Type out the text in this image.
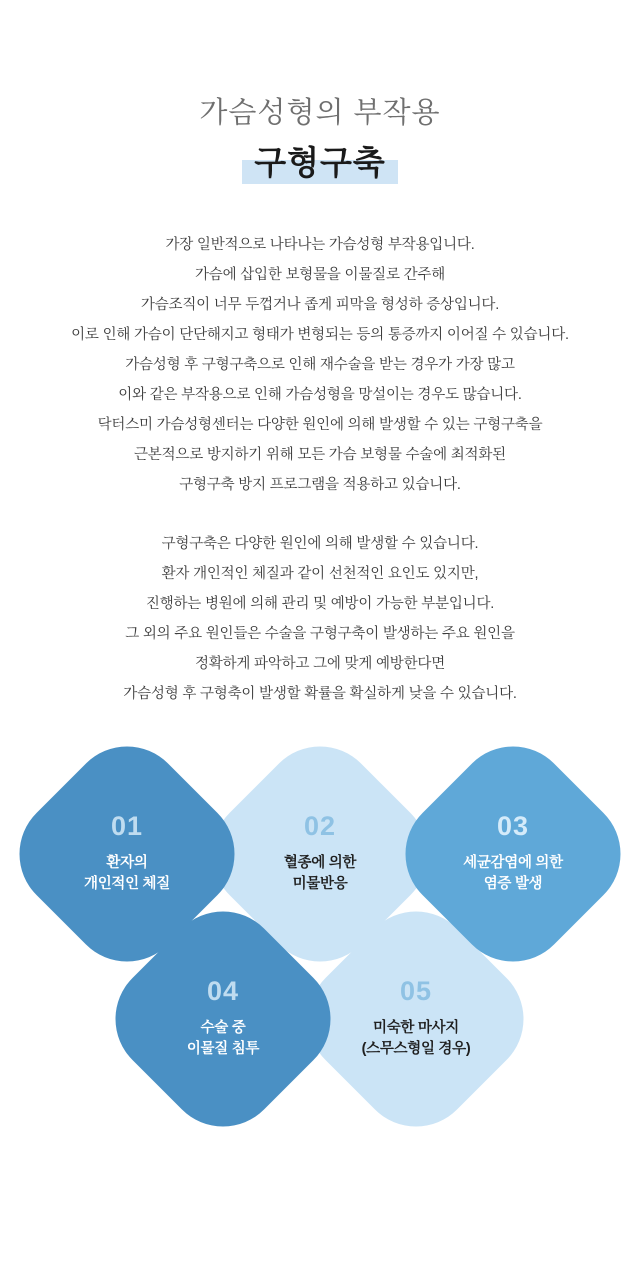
가슴성형의 부작용
구형구축
가장 일반적으로 나타나는 가슴성형 부작용입니다.
가슴에 삽입한 보형물을 이물질로 간주해
가슴조직이 너무 두껍거나 좁게 피막을 형성하 증상입니다.
이로 인해 가슴이 단단해지고 형태가 변형되는 등의 통증까지 이어질 수 있습니다.
가슴성형 후 구형구축으로 인해 재수술을 받는 경우가 가장 많고
이와 같은 부작용으로 인해 가슴성형을 망설이는 경우도 많습니다.
닥터스미 가슴성형센터는 다양한 원인에 의해 발생할 수 있는 구형구축을
근본적으로 방지하기 위해 모든 가슴 보형물 수술에 최적화된
구형구축 방지 프로그램을 적용하고 있습니다.
구형구축은 다양한 원인에 의해 발생할 수 있습니다.
환자 개인적인 체질과 같이 선천적인 요인도 있지만,
진행하는 병원에 의해 관리 및 예방이 가능한 부분입니다.
그 외의 주요 원인들은 수술을 구형구축이 발생하는 주요 원인을
정확하게 파악하고 그에 맞게 예방한다면
가슴성형 후 구형축이 발생할 확률을 확실하게 낮을 수 있습니다.
01
환자의
개인적인 체질
02
혈종에 의한
미물반응
03
세균감염에 의한
염증 발생
04
수술 중
이물질 침투
05
미숙한 마사지
(스무스형일 경우)
